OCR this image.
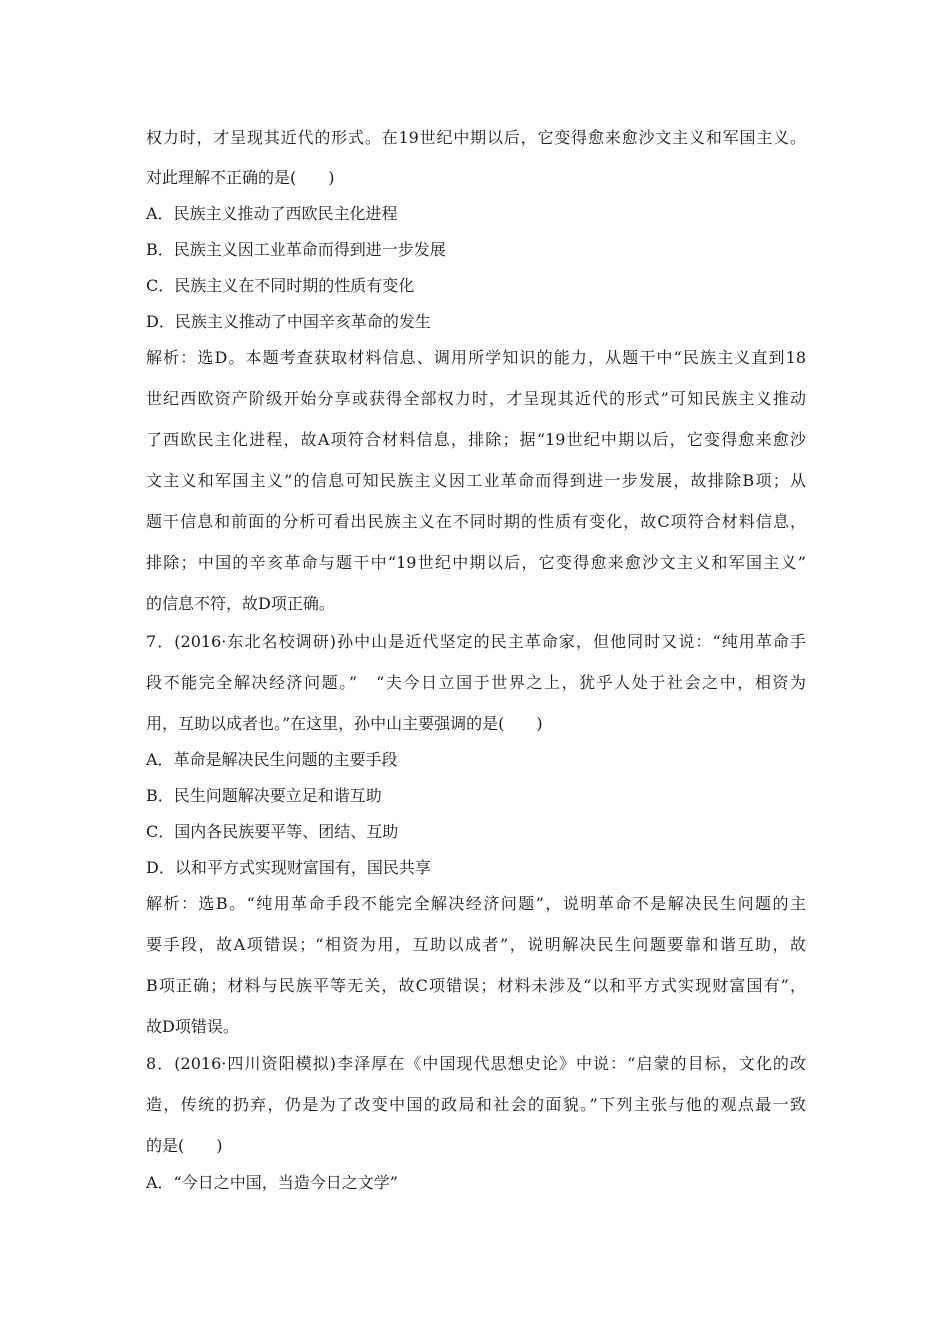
权力时，才呈现其近代的形式。在19世纪中期以后，它变得愈来愈沙文主义和军国主义。
对此理解不正确的是(　　)
A．民族主义推动了西欧民主化进程
B．民族主义因工业革命而得到进一步发展
C．民族主义在不同时期的性质有变化
D．民族主义推动了中国辛亥革命的发生
解析：选D。本题考查获取材料信息、调用所学知识的能力，从题干中“民族主义直到18
世纪西欧资产阶级开始分享或获得全部权力时，才呈现其近代的形式”可知民族主义推动
了西欧民主化进程，故A项符合材料信息，排除；据“19世纪中期以后，它变得愈来愈沙
文主义和军国主义”的信息可知民族主义因工业革命而得到进一步发展，故排除B项；从
题干信息和前面的分析可看出民族主义在不同时期的性质有变化，故C项符合材料信息，
排除；中国的辛亥革命与题干中“19世纪中期以后，它变得愈来愈沙文主义和军国主义”
的信息不符，故D项正确。
7．(2016·东北名校调研)孙中山是近代坚定的民主革命家，但他同时又说：“纯用革命手
段不能完全解决经济问题。”　“夫今日立国于世界之上，犹乎人处于社会之中，相资为
用，互助以成者也。”在这里，孙中山主要强调的是(　　)
A．革命是解决民生问题的主要手段
B．民生问题解决要立足和谐互助
C．国内各民族要平等、团结、互助
D．以和平方式实现财富国有，国民共享
解析：选B。“纯用革命手段不能完全解决经济问题”，说明革命不是解决民生问题的主
要手段，故A项错误；“相资为用，互助以成者”，说明解决民生问题要靠和谐互助，故
B项正确；材料与民族平等无关，故C项错误；材料未涉及“以和平方式实现财富国有”，
故D项错误。
8．(2016·四川资阳模拟)李泽厚在《中国现代思想史论》中说：“启蒙的目标，文化的改
造，传统的扔弃，仍是为了改变中国的政局和社会的面貌。”下列主张与他的观点最一致
的是(　　)
A．“今日之中国，当造今日之文学”
